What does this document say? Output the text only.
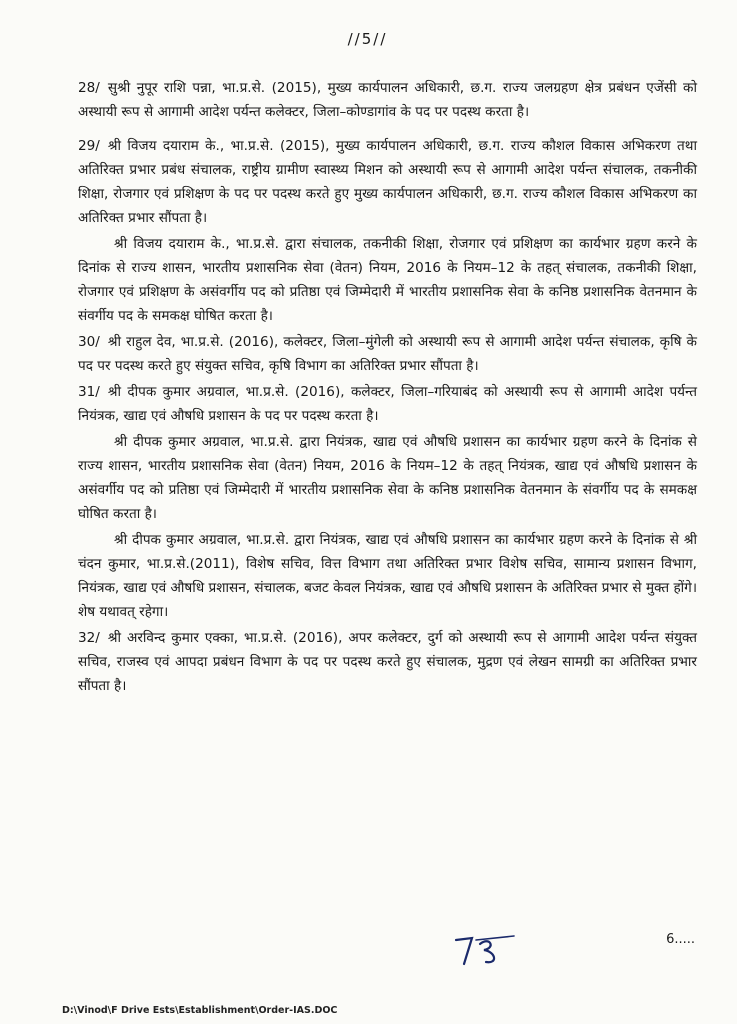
//5//

28/ सुश्री नुपूर राशि पन्ना, भा.प्र.से. (2015), मुख्य कार्यपालन अधिकारी, छ.ग. राज्य जलग्रहण क्षेत्र प्रबंधन एजेंसी को अस्थायी रूप से आगामी आदेश पर्यन्त कलेक्टर, जिला–कोण्डागांव के पद पर पदस्थ करता है।

29/ श्री विजय दयाराम के., भा.प्र.से. (2015), मुख्य कार्यपालन अधिकारी, छ.ग. राज्य कौशल विकास अभिकरण तथा अतिरिक्त प्रभार प्रबंध संचालक, राष्ट्रीय ग्रामीण स्वास्थ्य मिशन को अस्थायी रूप से आगामी आदेश पर्यन्त संचालक, तकनीकी शिक्षा, रोजगार एवं प्रशिक्षण के पद पर पदस्थ करते हुए मुख्य कार्यपालन अधिकारी, छ.ग. राज्य कौशल विकास अभिकरण का अतिरिक्त प्रभार सौंपता है।

श्री विजय दयाराम के., भा.प्र.से. द्वारा संचालक, तकनीकी शिक्षा, रोजगार एवं प्रशिक्षण का कार्यभार ग्रहण करने के दिनांक से राज्य शासन, भारतीय प्रशासनिक सेवा (वेतन) नियम, 2016 के नियम–12 के तहत् संचालक, तकनीकी शिक्षा, रोजगार एवं प्रशिक्षण के असंवर्गीय पद को प्रतिष्ठा एवं जिम्मेदारी में भारतीय प्रशासनिक सेवा के कनिष्ठ प्रशासनिक वेतनमान के संवर्गीय पद के समकक्ष घोषित करता है।

30/ श्री राहुल देव, भा.प्र.से. (2016), कलेक्टर, जिला–मुंगेली को अस्थायी रूप से आगामी आदेश पर्यन्त संचालक, कृषि के पद पर पदस्थ करते हुए संयुक्त सचिव, कृषि विभाग का अतिरिक्त प्रभार सौंपता है।

31/ श्री दीपक कुमार अग्रवाल, भा.प्र.से. (2016), कलेक्टर, जिला–गरियाबंद को अस्थायी रूप से आगामी आदेश पर्यन्त नियंत्रक, खाद्य एवं औषधि प्रशासन के पद पर पदस्थ करता है।

श्री दीपक कुमार अग्रवाल, भा.प्र.से. द्वारा नियंत्रक, खाद्य एवं औषधि प्रशासन का कार्यभार ग्रहण करने के दिनांक से राज्य शासन, भारतीय प्रशासनिक सेवा (वेतन) नियम, 2016 के नियम–12 के तहत् नियंत्रक, खाद्य एवं औषधि प्रशासन के असंवर्गीय पद को प्रतिष्ठा एवं जिम्मेदारी में भारतीय प्रशासनिक सेवा के कनिष्ठ प्रशासनिक वेतनमान के संवर्गीय पद के समकक्ष घोषित करता है।

श्री दीपक कुमार अग्रवाल, भा.प्र.से. द्वारा नियंत्रक, खाद्य एवं औषधि प्रशासन का कार्यभार ग्रहण करने के दिनांक से श्री चंदन कुमार, भा.प्र.से.(2011), विशेष सचिव, वित्त विभाग तथा अतिरिक्त प्रभार विशेष सचिव, सामान्य प्रशासन विभाग, नियंत्रक, खाद्य एवं औषधि प्रशासन, संचालक, बजट केवल नियंत्रक, खाद्य एवं औषधि प्रशासन के अतिरिक्त प्रभार से मुक्त होंगे। शेष यथावत् रहेगा।

32/ श्री अरविन्द कुमार एक्का, भा.प्र.से. (2016), अपर कलेक्टर, दुर्ग को अस्थायी रूप से आगामी आदेश पर्यन्त संयुक्त सचिव, राजस्व एवं आपदा प्रबंधन विभाग के पद पर पदस्थ करते हुए संचालक, मुद्रण एवं लेखन सामग्री का अतिरिक्त प्रभार सौंपता है।

6.....
D:\Vinod\F Drive Ests\Establishment\Order-IAS.DOC
